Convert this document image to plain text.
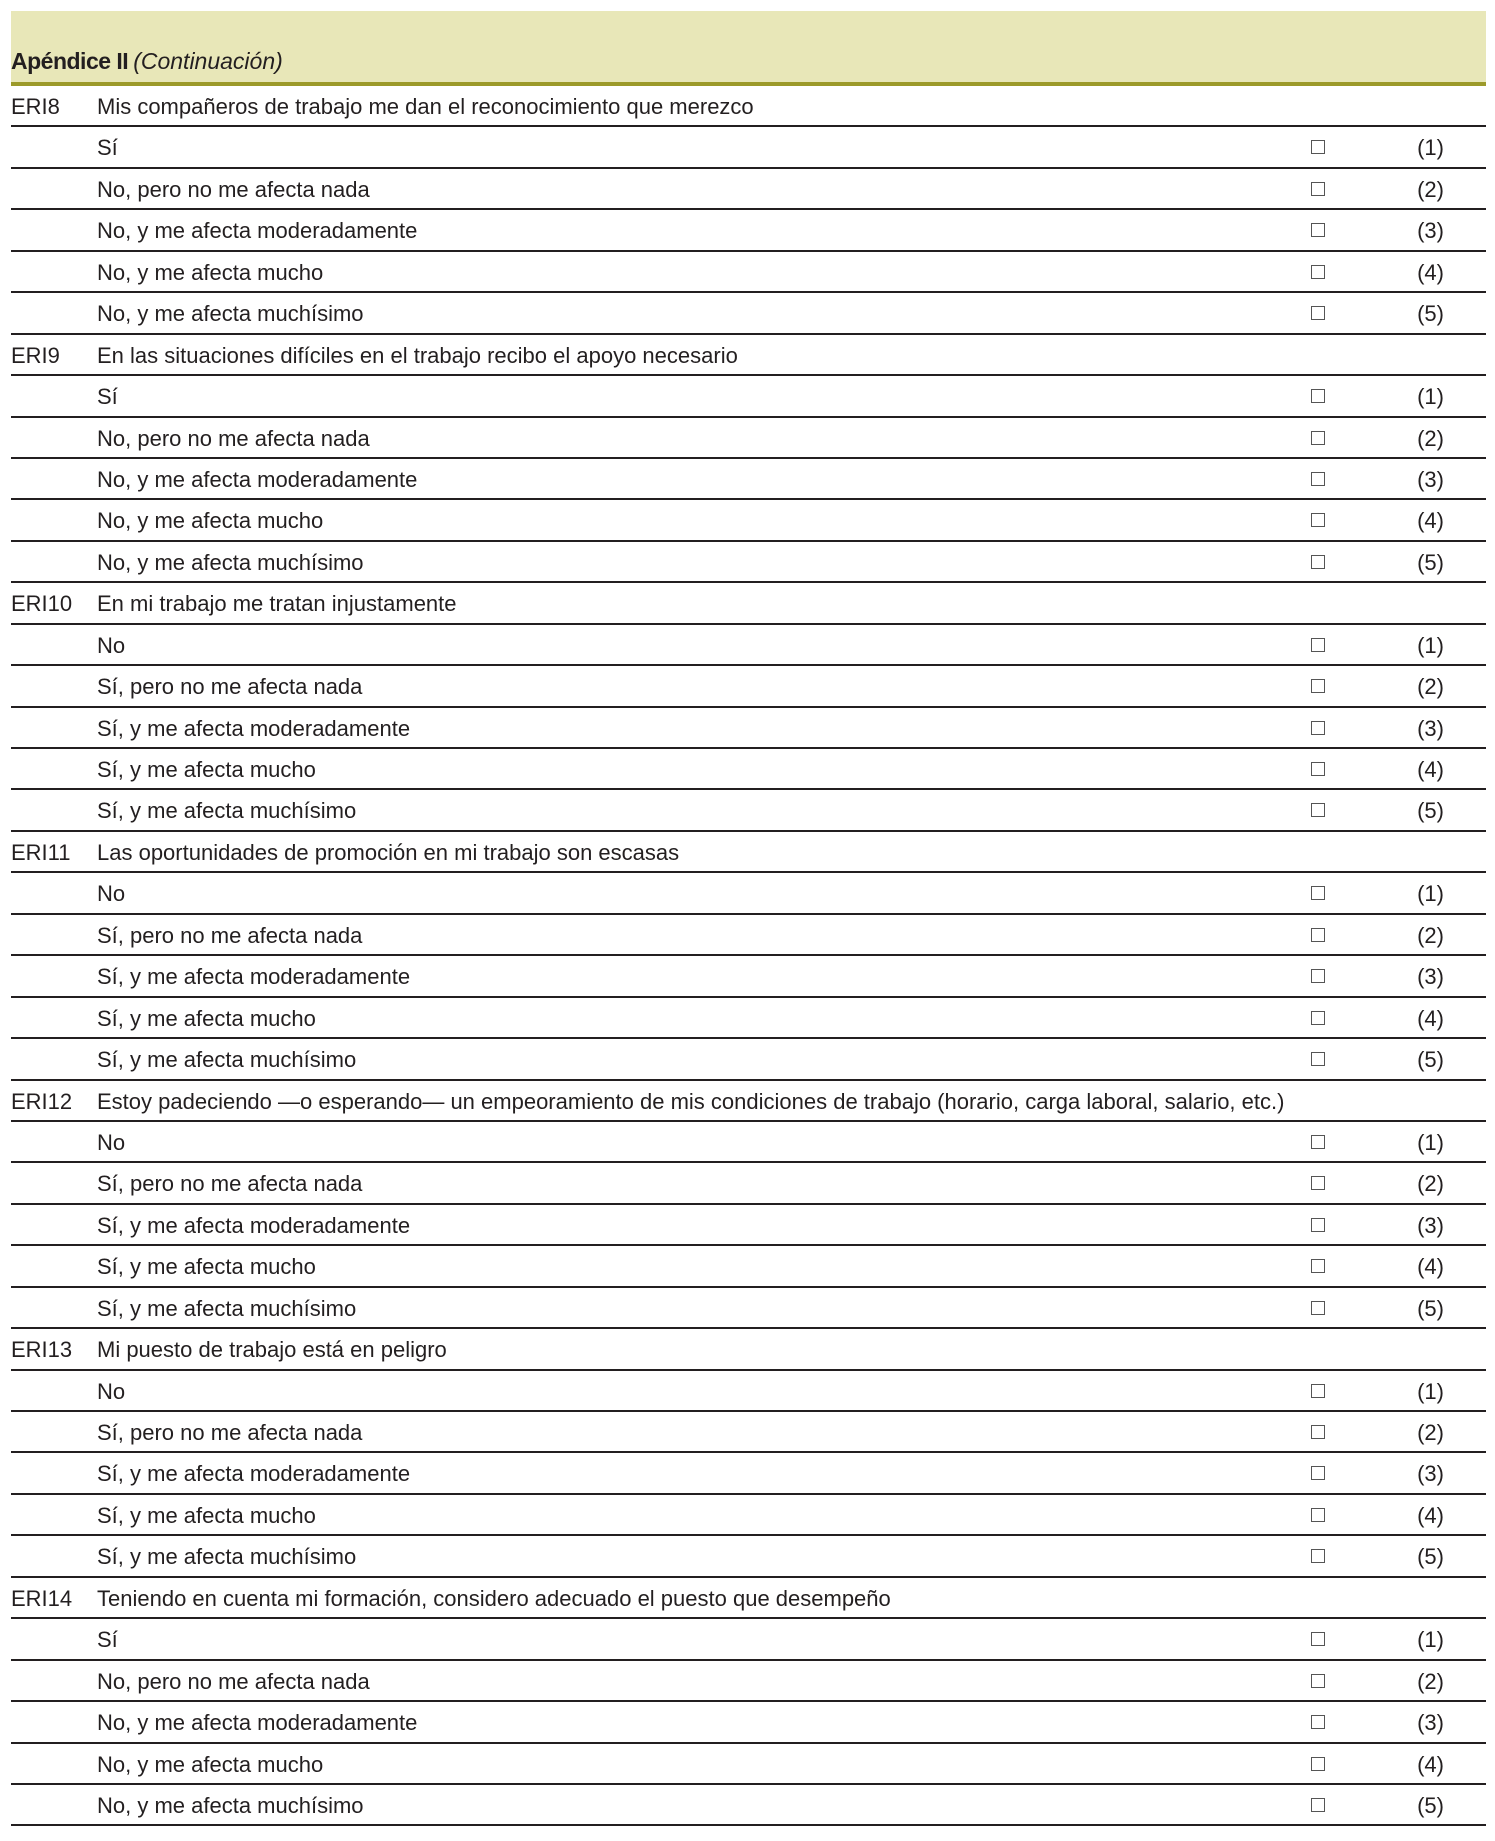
Apéndice II (Continuación)
ERI8 Mis compañeros de trabajo me dan el reconocimiento que merezco
Sí	(1)
No, pero no me afecta nada	(2)
No, y me afecta moderadamente	(3)
No, y me afecta mucho	(4)
No, y me afecta muchísimo	(5)
ERI9 En las situaciones difíciles en el trabajo recibo el apoyo necesario
Sí	(1)
No, pero no me afecta nada	(2)
No, y me afecta moderadamente	(3)
No, y me afecta mucho	(4)
No, y me afecta muchísimo	(5)
ERI10 En mi trabajo me tratan injustamente
No	(1)
Sí, pero no me afecta nada	(2)
Sí, y me afecta moderadamente	(3)
Sí, y me afecta mucho	(4)
Sí, y me afecta muchísimo	(5)
ERI11 Las oportunidades de promoción en mi trabajo son escasas
No	(1)
Sí, pero no me afecta nada	(2)
Sí, y me afecta moderadamente	(3)
Sí, y me afecta mucho	(4)
Sí, y me afecta muchísimo	(5)
ERI12 Estoy padeciendo —o esperando— un empeoramiento de mis condiciones de trabajo (horario, carga laboral, salario, etc.)
No	(1)
Sí, pero no me afecta nada	(2)
Sí, y me afecta moderadamente	(3)
Sí, y me afecta mucho	(4)
Sí, y me afecta muchísimo	(5)
ERI13 Mi puesto de trabajo está en peligro
No	(1)
Sí, pero no me afecta nada	(2)
Sí, y me afecta moderadamente	(3)
Sí, y me afecta mucho	(4)
Sí, y me afecta muchísimo	(5)
ERI14 Teniendo en cuenta mi formación, considero adecuado el puesto que desempeño
Sí	(1)
No, pero no me afecta nada	(2)
No, y me afecta moderadamente	(3)
No, y me afecta mucho	(4)
No, y me afecta muchísimo	(5)
